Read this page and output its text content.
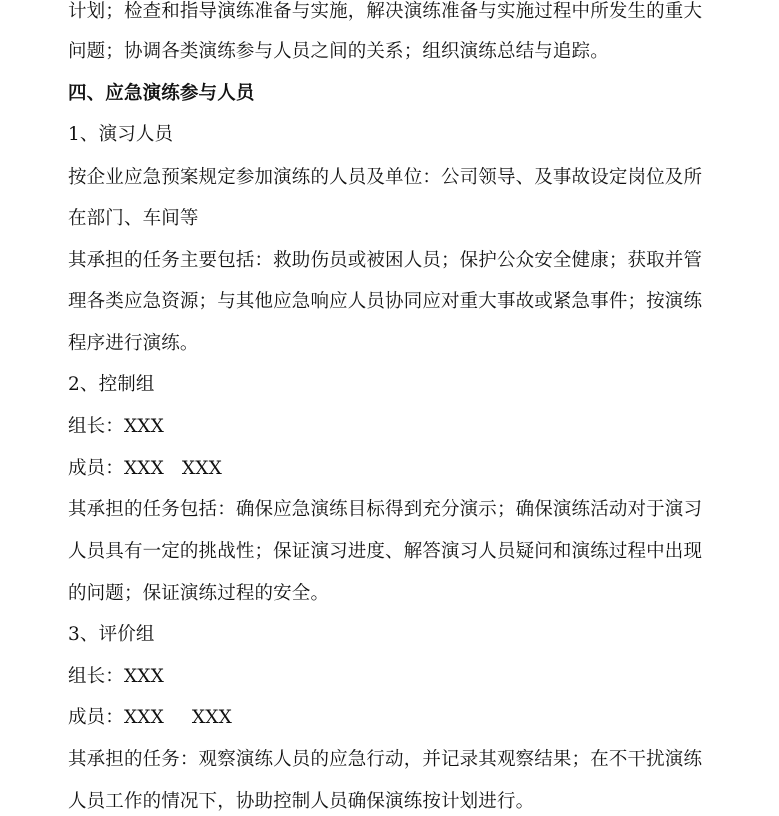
计划；检查和指导演练准备与实施，解决演练准备与实施过程中所发生的重大
问题；协调各类演练参与人员之间的关系；组织演练总结与追踪。
四、应急演练参与人员
1、演习人员
按企业应急预案规定参加演练的人员及单位：公司领导、及事故设定岗位及所
在部门、车间等
其承担的任务主要包括：救助伤员或被困人员；保护公众安全健康；获取并管
理各类应急资源；与其他应急响应人员协同应对重大事故或紧急事件；按演练
程序进行演练。
2、控制组
组长：XXX
成员：XXX XXX
其承担的任务包括：确保应急演练目标得到充分演示；确保演练活动对于演习
人员具有一定的挑战性；保证演习进度、解答演习人员疑问和演练过程中出现
的问题；保证演练过程的安全。
3、评价组
组长：XXX
成员：XXX XXX
其承担的任务：观察演练人员的应急行动，并记录其观察结果；在不干扰演练
人员工作的情况下，协助控制人员确保演练按计划进行。
